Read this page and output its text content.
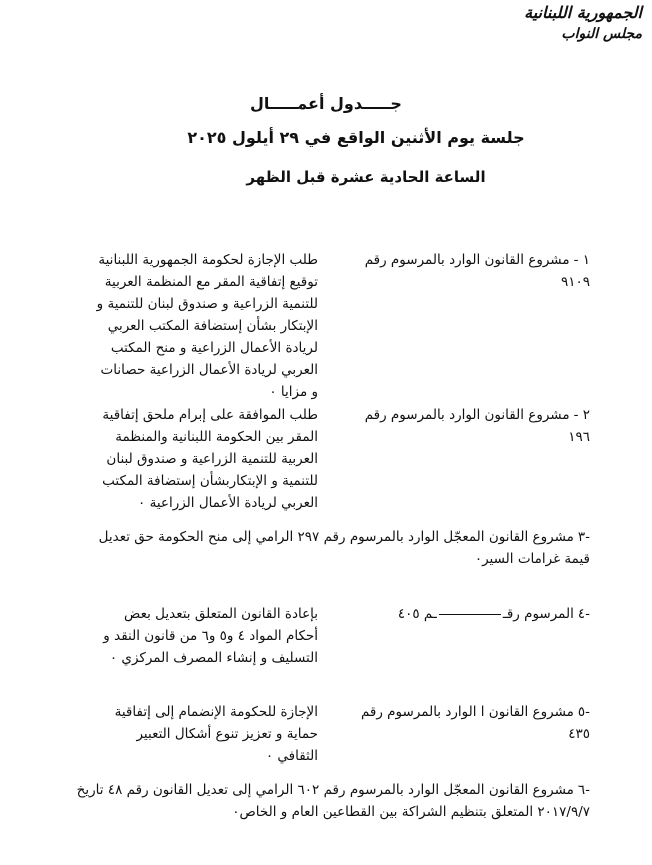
الجمهورية اللبنانية
مجلس النواب
جـــــدول أعمـــــال
جلسة يوم الأثنين الواقع في ٢٩ أيلول ٢٠٢٥
الساعة الحادية عشرة قبل الظهر
١ -مشروع القانون الوارد بالمرسوم رقم ٩١٠٩
طلب الإجازة لحكومة الجمهورية اللبنانية توقيع إتفاقية المقر مع المنظمة العربية للتنمية الزراعية و صندوق لبنان للتنمية و الإبتكار بشأن إستضافة المكتب العربي لريادة الأعمال الزراعية و منح المكتب العربي لريادة الأعمال الزراعية حصانات و مزايا ٠
٢ -مشروع القانون الوارد بالمرسوم رقم ١٩٦
طلب الموافقة على إبرام ملحق إتفاقية المقر بين الحكومة اللبنانية والمنظمة العربية للتنمية الزراعية و صندوق لبنان للتنمية و الإبتكاربشأن إستضافة المكتب العربي لريادة الأعمال الزراعية ٠
-٣مشروع القانون المعجّل الوارد بالمرسوم رقم ٢٩٧ الرامي إلى منح الحكومة حق تعديل قيمة غرامات السير٠
-٤المرسوم رقــم ٤٠٥
بإعادة القانون المتعلق بتعديل بعض أحكام المواد ٤ و٥ و٦ من قانون النقد و التسليف و إنشاء المصرف المركزي ٠
-٥مشروع القانون ا الوارد بالمرسوم رقم ٤٣٥
الإجازة للحكومة الإنضمام إلى إتفاقية حماية و تعزيز تنوع أشكال التعبير الثقافي ٠
-٦مشروع القانون المعجّل الوارد بالمرسوم رقم ٦٠٢ الرامي إلى تعديل القانون رقم ٤٨ تاريخ ٢٠١٧/٩/٧ المتعلق بتنظيم الشراكة بين القطاعين العام و الخاص٠
